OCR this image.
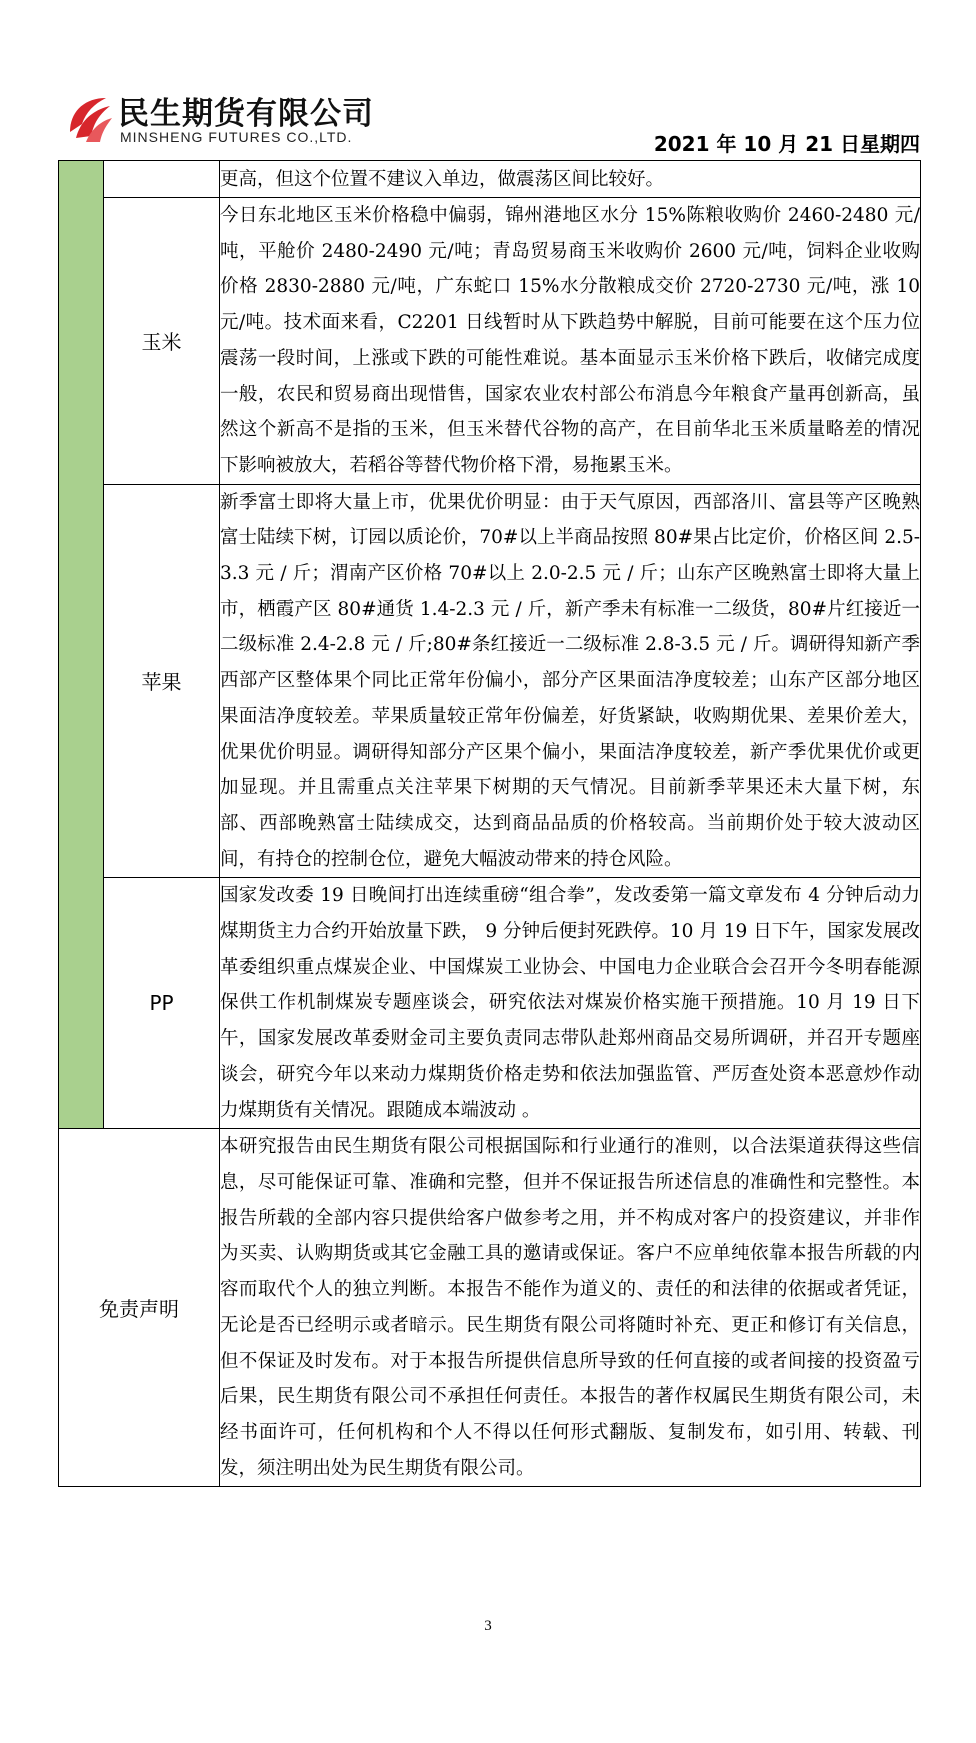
民生期货有限公司
MINSHENG FUTURES CO.,LTD.	2021 年 10 月 21 日星期四
		更高，但这个位置不建议入单边，做震荡区间比较好。
	玉米	今日东北地区玉米价格稳中偏弱，锦州港地区水分 15%陈粮收购价 2460-2480 元/吨，平舱价 2480-2490 元/吨；青岛贸易商玉米收购价 2600 元/吨，饲料企业收购价格 2830-2880 元/吨，广东蛇口 15%水分散粮成交价 2720-2730 元/吨，涨 10 元/吨。技术面来看，C2201 日线暂时从下跌趋势中解脱，目前可能要在这个压力位震荡一段时间，上涨或下跌的可能性难说。基本面显示玉米价格下跌后，收储完成度一般，农民和贸易商出现惜售，国家农业农村部公布消息今年粮食产量再创新高，虽然这个新高不是指的玉米，但玉米替代谷物的高产，在目前华北玉米质量略差的情况下影响被放大，若稻谷等替代物价格下滑，易拖累玉米。
	苹果	新季富士即将大量上市，优果优价明显：由于天气原因，西部洛川、富县等产区晚熟富士陆续下树，订园以质论价，70#以上半商品按照 80#果占比定价，价格区间 2.5-3.3 元 / 斤；渭南产区价格 70#以上 2.0-2.5 元 / 斤；山东产区晚熟富士即将大量上市，栖霞产区 80#通货 1.4-2.3 元 / 斤，新产季未有标准一二级货，80#片红接近一二级标准 2.4-2.8 元 / 斤;80#条红接近一二级标准 2.8-3.5 元 / 斤。调研得知新产季西部产区整体果个同比正常年份偏小，部分产区果面洁净度较差；山东产区部分地区果面洁净度较差。苹果质量较正常年份偏差，好货紧缺，收购期优果、差果价差大，优果优价明显。调研得知部分产区果个偏小，果面洁净度较差，新产季优果优价或更加显现。并且需重点关注苹果下树期的天气情况。目前新季苹果还未大量下树，东部、西部晚熟富士陆续成交，达到商品品质的价格较高。当前期价处于较大波动区间，有持仓的控制仓位，避免大幅波动带来的持仓风险。
	PP	国家发改委 19 日晚间打出连续重磅“组合拳”，发改委第一篇文章发布 4 分钟后动力煤期货主力合约开始放量下跌， 9 分钟后便封死跌停。10 月 19 日下午，国家发展改革委组织重点煤炭企业、中国煤炭工业协会、中国电力企业联合会召开今冬明春能源保供工作机制煤炭专题座谈会，研究依法对煤炭价格实施干预措施。10 月 19 日下午，国家发展改革委财金司主要负责同志带队赴郑州商品交易所调研，并召开专题座谈会，研究今年以来动力煤期货价格走势和依法加强监管、严厉查处资本恶意炒作动力煤期货有关情况。跟随成本端波动 。
免责声明		本研究报告由民生期货有限公司根据国际和行业通行的准则，以合法渠道获得这些信息，尽可能保证可靠、准确和完整，但并不保证报告所述信息的准确性和完整性。本报告所载的全部内容只提供给客户做参考之用，并不构成对客户的投资建议，并非作为买卖、认购期货或其它金融工具的邀请或保证。客户不应单纯依靠本报告所载的内容而取代个人的独立判断。本报告不能作为道义的、责任的和法律的依据或者凭证，无论是否已经明示或者暗示。民生期货有限公司将随时补充、更正和修订有关信息，但不保证及时发布。对于本报告所提供信息所导致的任何直接的或者间接的投资盈亏后果，民生期货有限公司不承担任何责任。本报告的著作权属民生期货有限公司，未经书面许可，任何机构和个人不得以任何形式翻版、复制发布，如引用、转载、刊发，须注明出处为民生期货有限公司。
3
